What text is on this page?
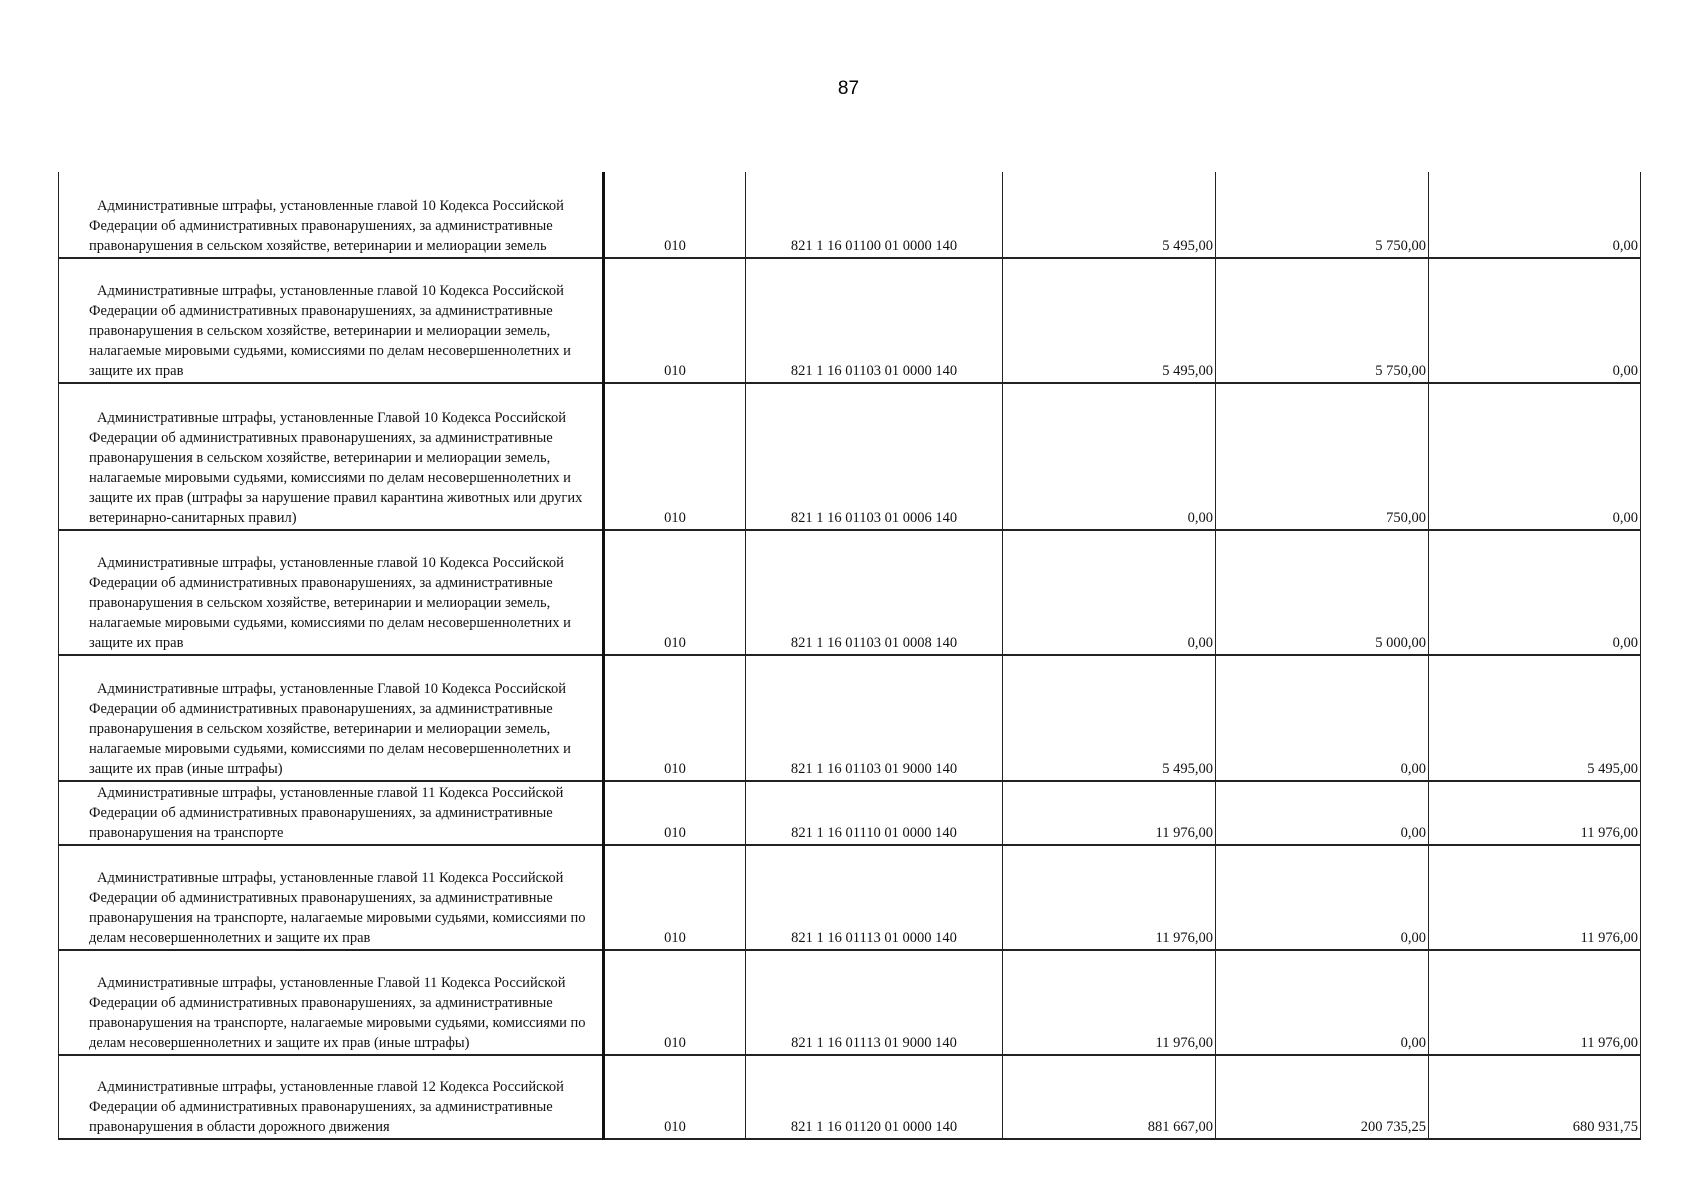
87
Административные штрафы, установленные главой 10 Кодекса Российской Федерации об административных правонарушениях, за административные правонарушения в сельском хозяйстве, ветеринарии и мелиорации земель	010	821 1 16 01100 01 0000 140	5 495,00	5 750,00	0,00
Административные штрафы, установленные главой 10 Кодекса Российской Федерации об административных правонарушениях, за административные правонарушения в сельском хозяйстве, ветеринарии и мелиорации земель, налагаемые мировыми судьями, комиссиями по делам несовершеннолетних и защите их прав	010	821 1 16 01103 01 0000 140	5 495,00	5 750,00	0,00
Административные штрафы, установленные Главой 10 Кодекса Российской Федерации об административных правонарушениях, за административные правонарушения в сельском хозяйстве, ветеринарии и мелиорации земель, налагаемые мировыми судьями, комиссиями по делам несовершеннолетних и защите их прав (штрафы за нарушение правил карантина животных или других ветеринарно-санитарных правил)	010	821 1 16 01103 01 0006 140	0,00	750,00	0,00
Административные штрафы, установленные главой 10 Кодекса Российской Федерации об административных правонарушениях, за административные правонарушения в сельском хозяйстве, ветеринарии и мелиорации земель, налагаемые мировыми судьями, комиссиями по делам несовершеннолетних и защите их прав	010	821 1 16 01103 01 0008 140	0,00	5 000,00	0,00
Административные штрафы, установленные Главой 10 Кодекса Российской Федерации об административных правонарушениях, за административные правонарушения в сельском хозяйстве, ветеринарии и мелиорации земель, налагаемые мировыми судьями, комиссиями по делам несовершеннолетних и защите их прав (иные штрафы)	010	821 1 16 01103 01 9000 140	5 495,00	0,00	5 495,00
Административные штрафы, установленные главой 11 Кодекса Российской Федерации об административных правонарушениях, за административные правонарушения на транспорте	010	821 1 16 01110 01 0000 140	11 976,00	0,00	11 976,00
Административные штрафы, установленные главой 11 Кодекса Российской Федерации об административных правонарушениях, за административные правонарушения на транспорте, налагаемые мировыми судьями, комиссиями по делам несовершеннолетних и защите их прав	010	821 1 16 01113 01 0000 140	11 976,00	0,00	11 976,00
Административные штрафы, установленные Главой 11 Кодекса Российской Федерации об административных правонарушениях, за административные правонарушения на транспорте, налагаемые мировыми судьями, комиссиями по делам несовершеннолетних и защите их прав (иные штрафы)	010	821 1 16 01113 01 9000 140	11 976,00	0,00	11 976,00
Административные штрафы, установленные главой 12 Кодекса Российской Федерации об административных правонарушениях, за административные правонарушения в области дорожного движения	010	821 1 16 01120 01 0000 140	881 667,00	200 735,25	680 931,75
